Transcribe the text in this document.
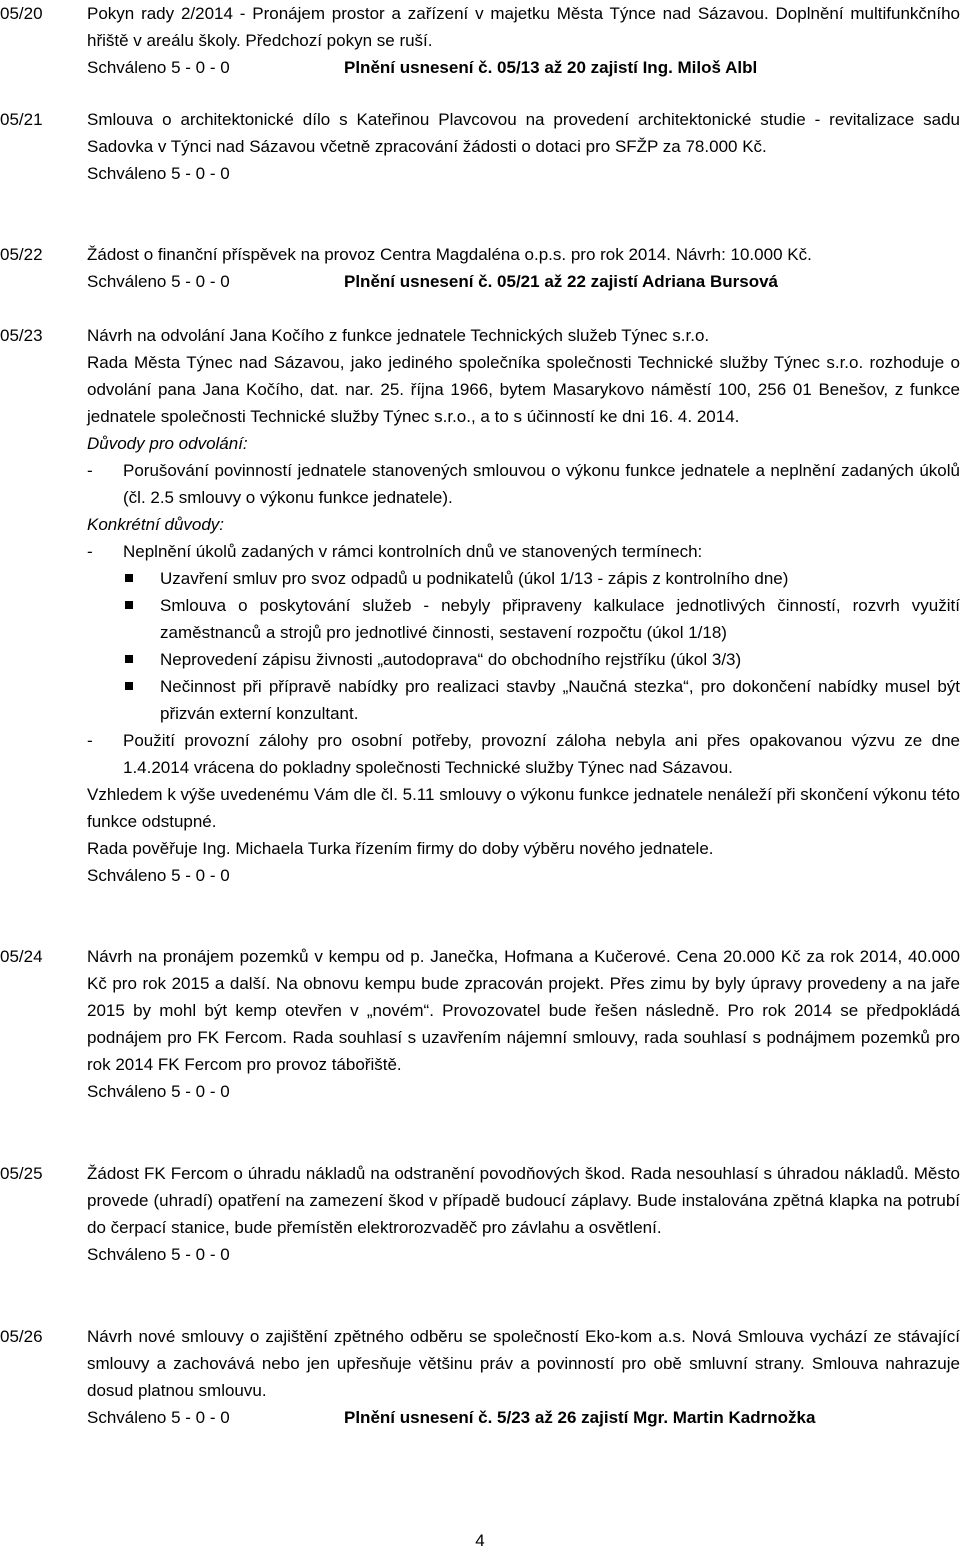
05/20	Pokyn rady 2/2014 - Pronájem prostor a zařízení v majetku Města Týnce nad Sázavou. Doplnění multifunkčního hřiště v areálu školy. Předchozí pokyn se ruší.

Schváleno 5 - 0 - 0	Plnění usnesení č. 05/13 až 20 zajistí Ing. Miloš Albl

05/21	Smlouva o architektonické dílo s Kateřinou Plavcovou na provedení architektonické studie - revitalizace sadu Sadovka v Týnci nad Sázavou včetně zpracování žádosti o dotaci pro SFŽP za 78.000 Kč.

Schváleno 5 - 0 - 0

05/22	Žádost o finanční příspěvek na provoz Centra Magdaléna o.p.s. pro rok 2014. Návrh: 10.000 Kč.

Schváleno 5 - 0 - 0	Plnění usnesení č. 05/21 až 22 zajistí Adriana Bursová

05/23	Návrh na odvolání Jana Kočího z funkce jednatele Technických služeb Týnec s.r.o.

Rada Města Týnec nad Sázavou, jako jediného společníka společnosti Technické služby Týnec s.r.o. rozhoduje o odvolání pana Jana Kočího, dat. nar. 25. října 1966, bytem Masarykovo náměstí 100, 256 01 Benešov, z funkce jednatele společnosti Technické služby Týnec s.r.o., a to s účinností ke dni 16. 4. 2014.

Důvody pro odvolání:

- Porušování povinností jednatele stanovených smlouvou o výkonu funkce jednatele a neplnění zadaných úkolů (čl. 2.5 smlouvy o výkonu funkce jednatele).

Konkrétní důvody:

- Neplnění úkolů zadaných v rámci kontrolních dnů ve stanovených termínech:

Uzavření smluv pro svoz odpadů u podnikatelů (úkol 1/13 - zápis z kontrolního dne)

Smlouva o poskytování služeb - nebyly připraveny kalkulace jednotlivých činností, rozvrh využití zaměstnanců a strojů pro jednotlivé činnosti, sestavení rozpočtu (úkol 1/18)

Neprovedení zápisu živnosti „autodoprava“ do obchodního rejstříku (úkol 3/3)

Nečinnost při přípravě nabídky pro realizaci stavby „Naučná stezka“, pro dokončení nabídky musel být přizván externí konzultant.

- Použití provozní zálohy pro osobní potřeby, provozní záloha nebyla ani přes opakovanou výzvu ze dne 1.4.2014 vrácena do pokladny společnosti Technické služby Týnec nad Sázavou.

Vzhledem k výše uvedenému Vám dle čl. 5.11 smlouvy o výkonu funkce jednatele nenáleží při skončení výkonu této funkce odstupné.

Rada pověřuje Ing. Michaela Turka řízením firmy do doby výběru nového jednatele.

Schváleno 5 - 0 - 0

05/24	Návrh na pronájem pozemků v kempu od p. Janečka, Hofmana a Kučerové. Cena 20.000 Kč za rok 2014, 40.000 Kč pro rok 2015 a další. Na obnovu kempu bude zpracován projekt. Přes zimu by byly úpravy provedeny a na jaře 2015 by mohl být kemp otevřen v „novém“. Provozovatel bude řešen následně. Pro rok 2014 se předpokládá podnájem pro FK Fercom. Rada souhlasí s uzavřením nájemní smlouvy, rada souhlasí s podnájmem pozemků pro rok 2014 FK Fercom pro provoz tábořiště.

Schváleno 5 - 0 - 0

05/25	Žádost FK Fercom o úhradu nákladů na odstranění povodňových škod. Rada nesouhlasí s úhradou nákladů. Město provede (uhradí) opatření na zamezení škod v případě budoucí záplavy. Bude instalována zpětná klapka na potrubí do čerpací stanice, bude přemístěn elektrorozvaděč pro závlahu a osvětlení.

Schváleno 5 - 0 - 0

05/26	Návrh nové smlouvy o zajištění zpětného odběru se společností Eko-kom a.s. Nová Smlouva vychází ze stávající smlouvy a zachovává nebo jen upřesňuje většinu práv a povinností pro obě smluvní strany. Smlouva nahrazuje dosud platnou smlouvu.

Schváleno 5 - 0 - 0	Plnění usnesení č. 5/23 až 26 zajistí Mgr. Martin Kadrnožka

4
